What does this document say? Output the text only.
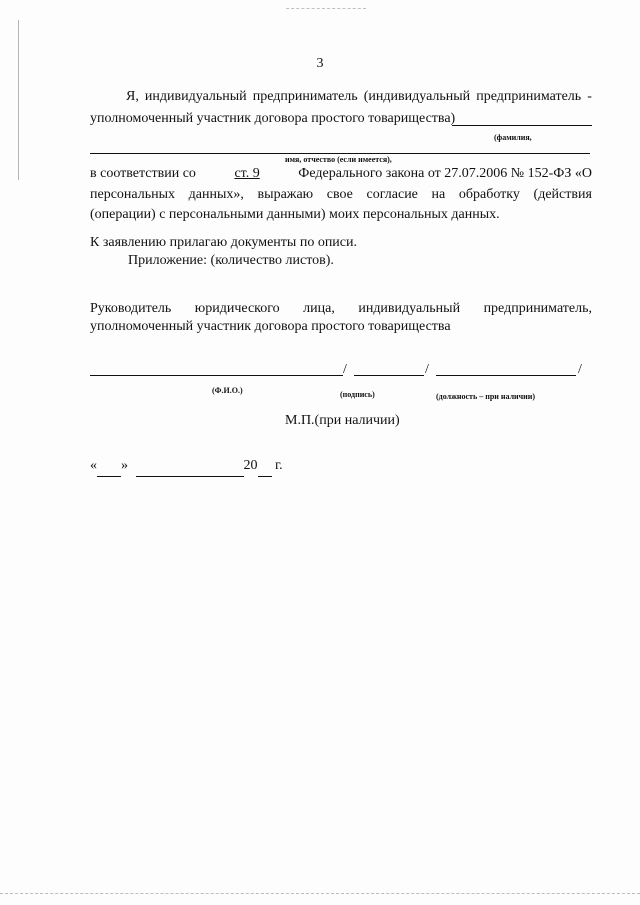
3
Я, индивидуальный предприниматель (индивидуальный предприниматель -
уполномоченный участник договора простого товарищества)
(фамилия,
имя, отчество (если имеется),
в соответствии со	ст. 9	Федерального закона от 27.07.2006 № 152-ФЗ «О
персональных данных», выражаю свое согласие на обработку (действия
(операции) с персональными данными) моих персональных данных.
К заявлению прилагаю документы по описи.
Приложение: (количество листов).
Руководитель юридического лица, индивидуальный предприниматель,
уполномоченный участник договора простого товарищества
/	/	/
(Ф.И.О.)	(подпись)	(должность – при наличии)
М.П.(при наличии)
« »	20 г.
